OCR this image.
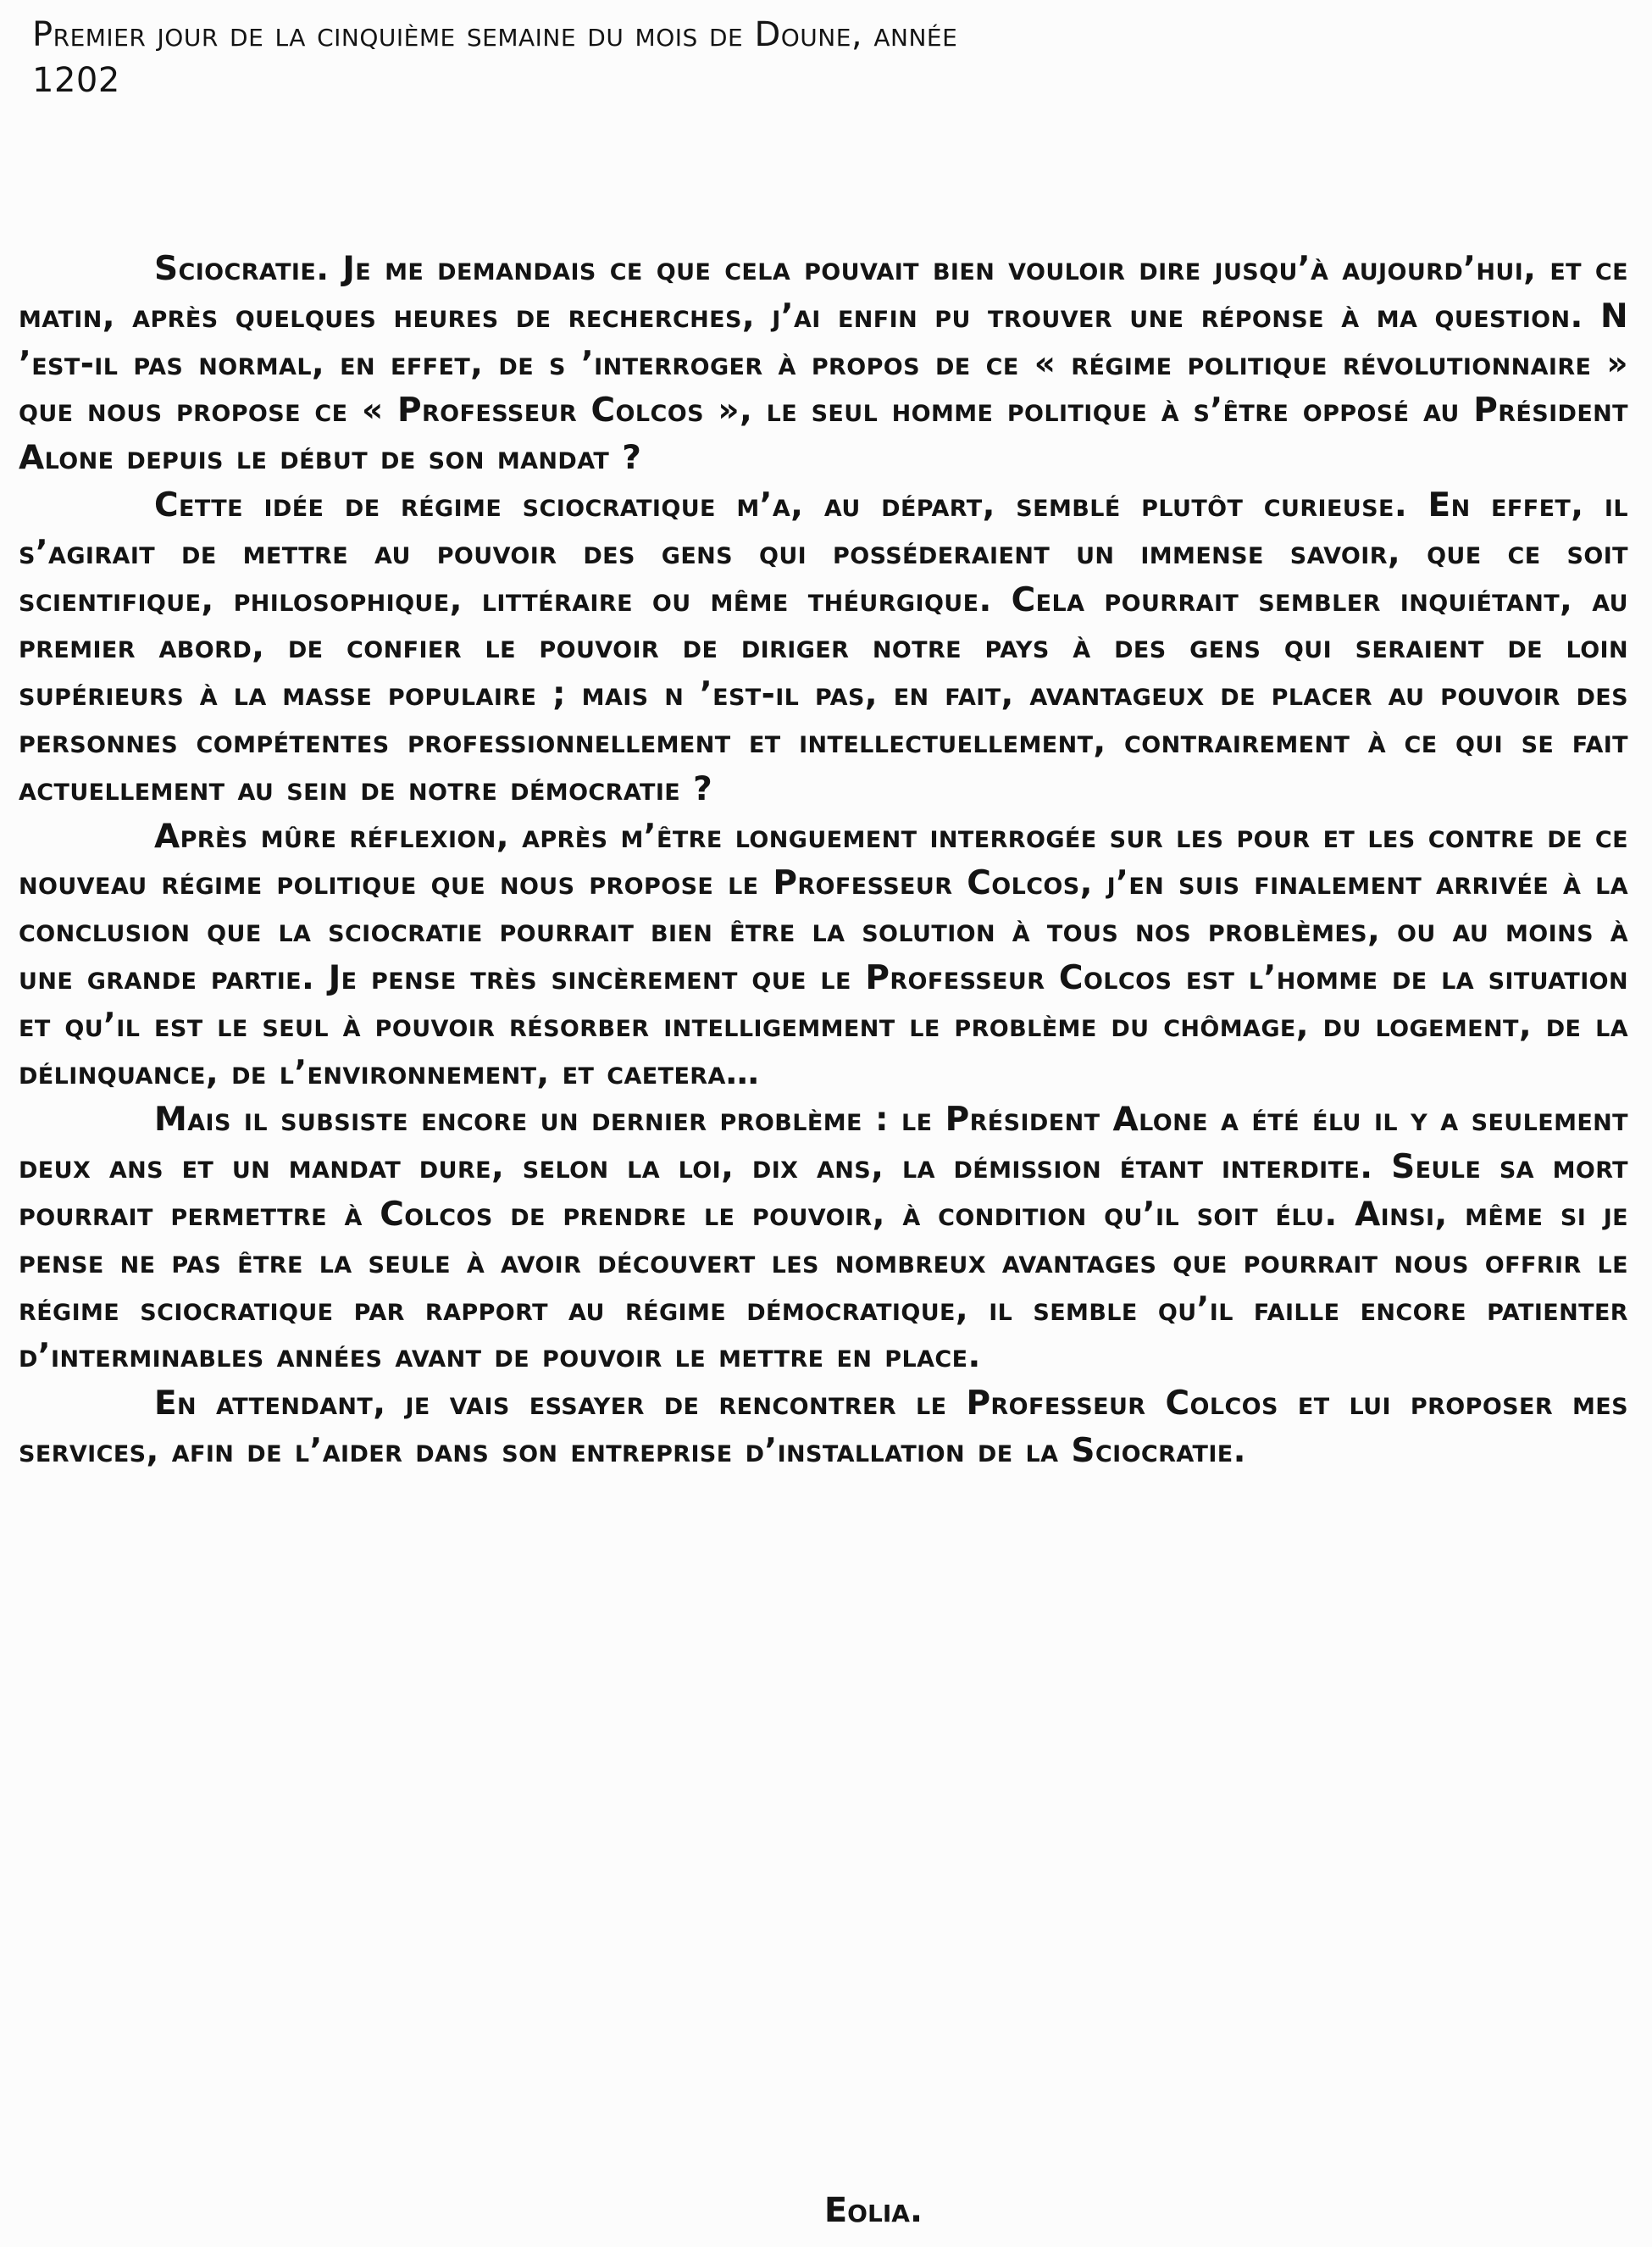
Premier jour de la cinquième semaine du mois de Doune, année
1202

Sciocratie. Je me demandais ce que cela pouvait bien vouloir dire jusqu’à aujourd’hui, et ce matin, après quelques heures de recherches, j’ai enfin pu trouver une réponse à ma question. N ’est-il pas normal, en effet, de s ’interroger à propos de ce « régime politique révolutionnaire » que nous propose ce « Professeur Colcos », le seul homme politique à s’être opposé au Président Alone depuis le début de son mandat ?

Cette idée de régime sciocratique m’a, au départ, semblé plutôt curieuse. En effet, il s’agirait de mettre au pouvoir des gens qui posséderaient un immense savoir, que ce soit scientifique, philosophique, littéraire ou même théurgique. Cela pourrait sembler inquiétant, au premier abord, de confier le pouvoir de diriger notre pays à des gens qui seraient de loin supérieurs à la masse populaire ; mais n ’est-il pas, en fait, avantageux de placer au pouvoir des personnes compétentes professionnellement et intellectuellement, contrairement à ce qui se fait actuellement au sein de notre démocratie ?

Après mûre réflexion, après m’être longuement interrogée sur les pour et les contre de ce nouveau régime politique que nous propose le Professeur Colcos, j’en suis finalement arrivée à la conclusion que la sciocratie pourrait bien être la solution à tous nos problèmes, ou au moins à une grande partie. Je pense très sincèrement que le Professeur Colcos est l’homme de la situation et qu’il est le seul à pouvoir résorber intelligemment le problème du chômage, du logement, de la délinquance, de l’environnement, et caetera…

Mais il subsiste encore un dernier problème : le Président Alone a été élu il y a seulement deux ans et un mandat dure, selon la loi, dix ans, la démission étant interdite. Seule sa mort pourrait permettre à Colcos de prendre le pouvoir, à condition qu’il soit élu. Ainsi, même si je pense ne pas être la seule à avoir découvert les nombreux avantages que pourrait nous offrir le régime sciocratique par rapport au régime démocratique, il semble qu’il faille encore patienter d’interminables années avant de pouvoir le mettre en place.

En attendant, je vais essayer de rencontrer le Professeur Colcos et lui proposer mes services, afin de l’aider dans son entreprise d’installation de la Sciocratie.

Eolia.
